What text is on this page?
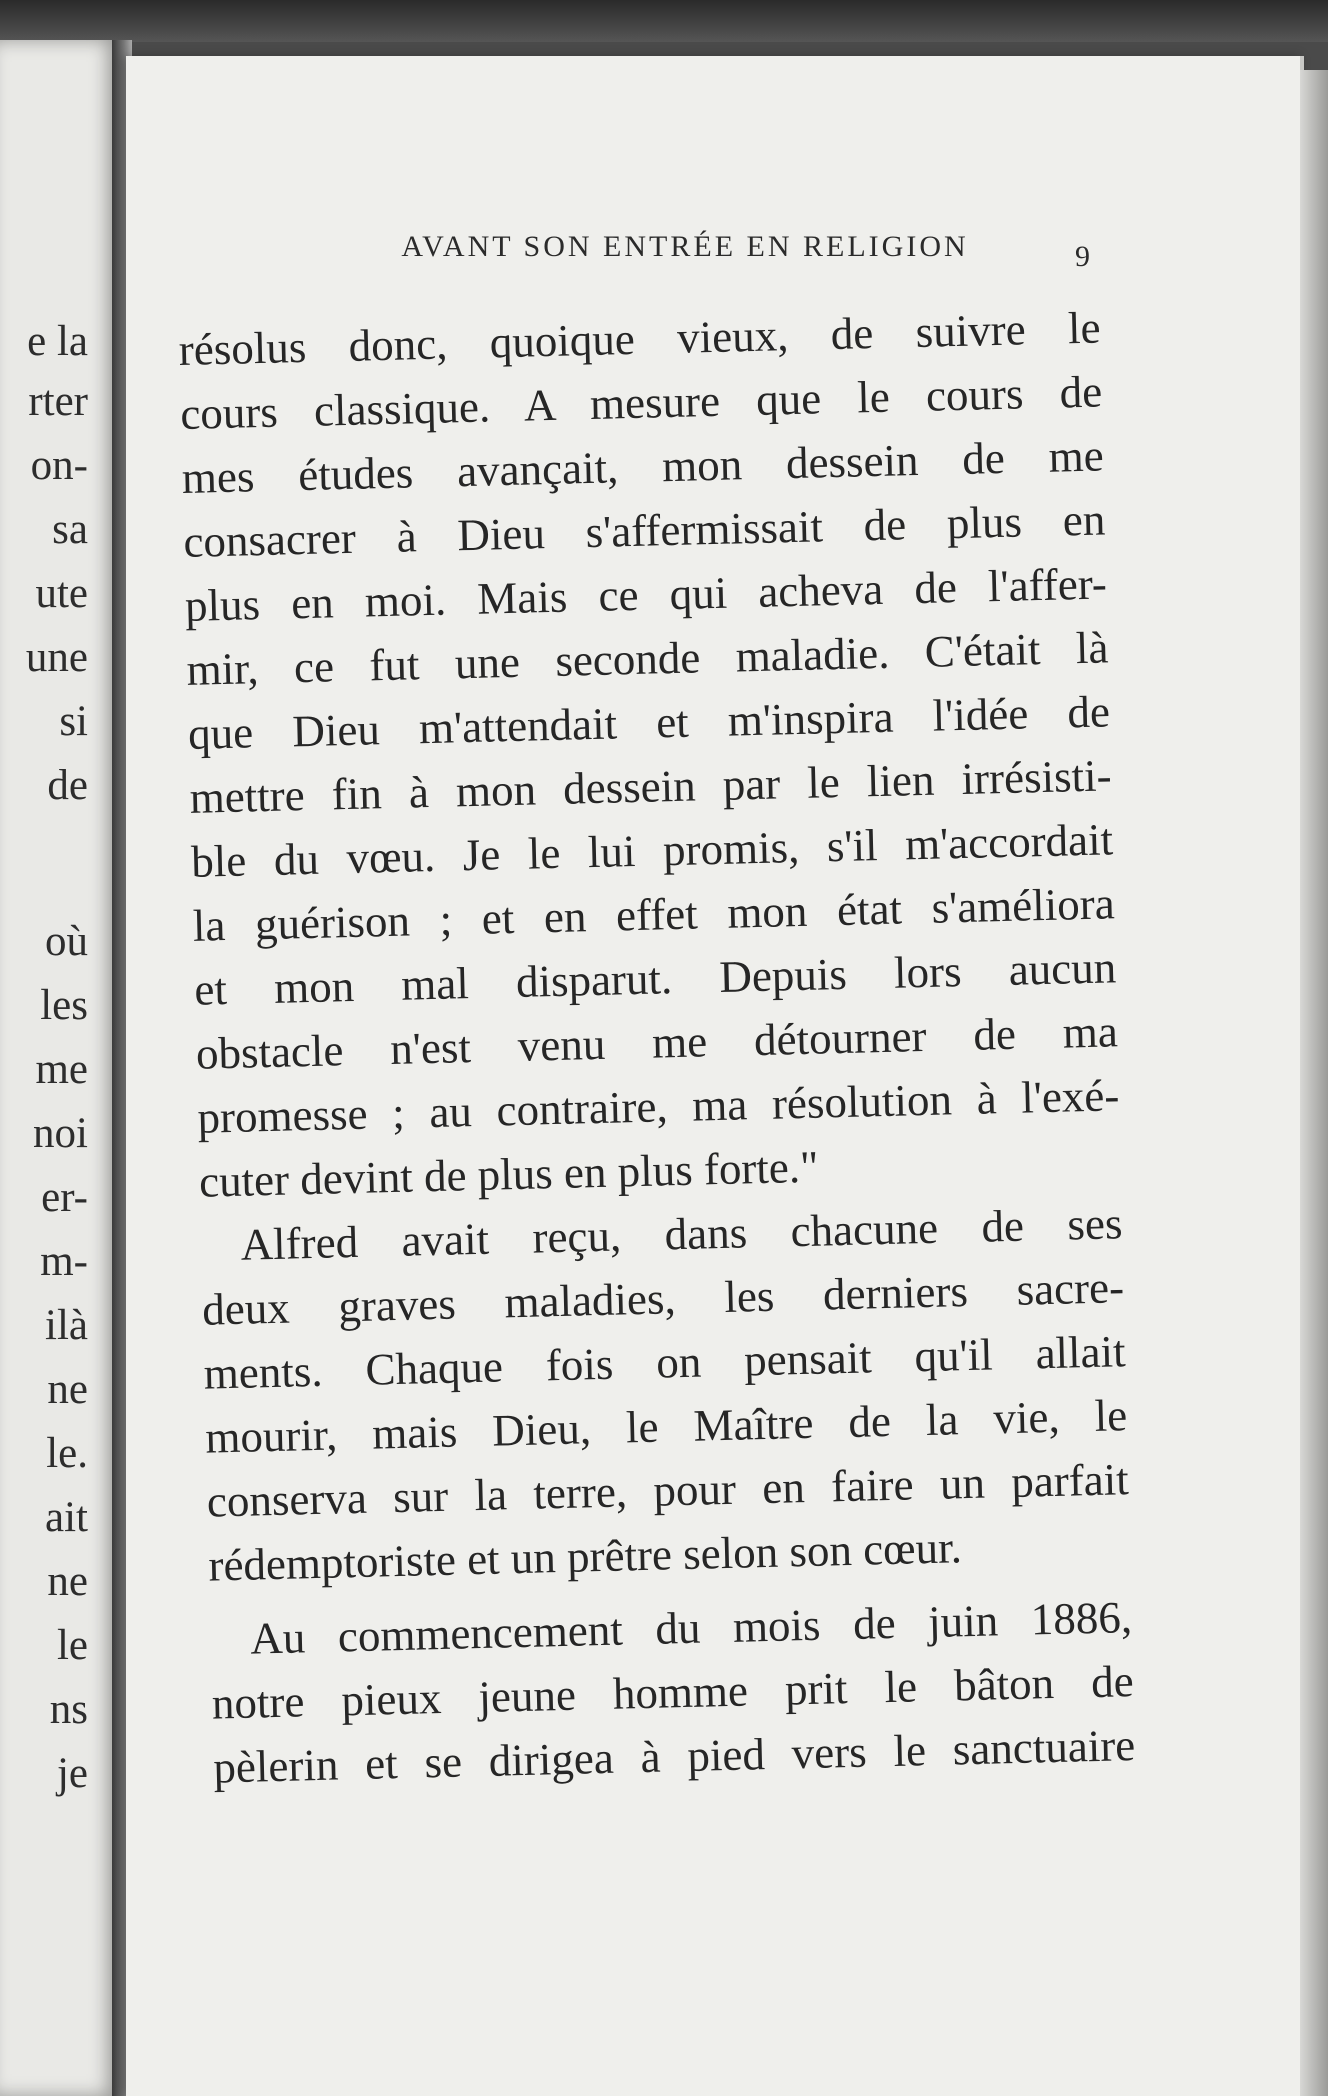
e la
rter
on-
sa
ute
une
si
de
où
les
me
noi
er-
m-
ilà
ne
le.
ait
ne
le
ns
je
AVANT SON ENTRÉE EN RELIGION	9
résolus donc, quoique vieux, de suivre le
cours classique. A mesure que le cours de
mes études avançait, mon dessein de me
consacrer à Dieu s'affermissait de plus en
plus en moi. Mais ce qui acheva de l'affer-
mir, ce fut une seconde maladie. C'était là
que Dieu m'attendait et m'inspira l'idée de
mettre fin à mon dessein par le lien irrésisti-
ble du vœu. Je le lui promis, s'il m'accordait
la guérison ; et en effet mon état s'améliora
et mon mal disparut. Depuis lors aucun
obstacle n'est venu me détourner de ma
promesse ; au contraire, ma résolution à l'exé-
cuter devint de plus en plus forte."
Alfred avait reçu, dans chacune de ses
deux graves maladies, les derniers sacre-
ments. Chaque fois on pensait qu'il allait
mourir, mais Dieu, le Maître de la vie, le
conserva sur la terre, pour en faire un parfait
rédemptoriste et un prêtre selon son cœur.
Au commencement du mois de juin 1886,
notre pieux jeune homme prit le bâton de
pèlerin et se dirigea à pied vers le sanctuaire
